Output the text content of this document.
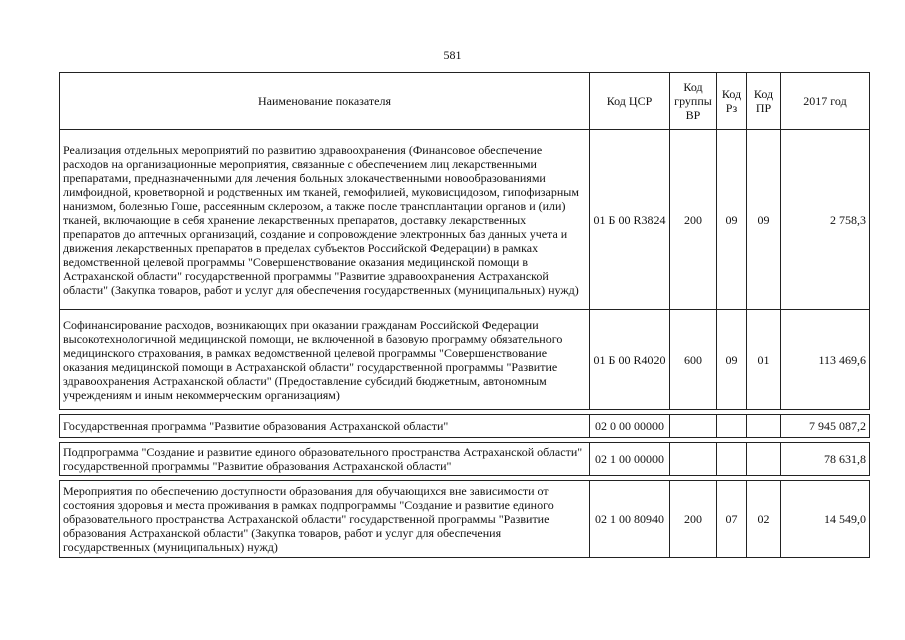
581
Наименование показателя	Код ЦСР	Код группы ВР	Код Рз	Код ПР	2017 год
Реализация отдельных мероприятий по развитию здравоохранения (Финансовое обеспечение расходов на организационные мероприятия, связанные с обеспечением лиц лекарственными препаратами, предназначенными для лечения больных злокачественными новообразованиями лимфоидной, кроветворной и родственных им тканей, гемофилией, муковисцидозом, гипофизарным нанизмом, болезнью Гоше, рассеянным склерозом, а также после трансплантации органов и (или) тканей, включающие в себя хранение лекарственных препаратов, доставку лекарственных препаратов до аптечных организаций, создание и сопровождение электронных баз данных учета и движения лекарственных препаратов в пределах субъектов Российской Федерации) в рамках ведомственной целевой программы "Совершенствование оказания медицинской помощи в Астраханской области" государственной программы "Развитие здравоохранения Астраханской области" (Закупка товаров, работ и услуг для обеспечения государственных (муниципальных) нужд)	01 Б 00 R3824	200	09	09	2 758,3
Софинансирование расходов, возникающих при оказании гражданам Российской Федерации высокотехнологичной медицинской помощи, не включенной в базовую программу обязательного медицинского страхования, в рамках ведомственной целевой программы "Совершенствование оказания медицинской помощи в Астраханской области" государственной программы "Развитие здравоохранения Астраханской области" (Предоставление субсидий бюджетным, автономным учреждениям и иным некоммерческим организациям)	01 Б 00 R4020	600	09	01	113 469,6

Государственная программа "Развитие образования Астраханской области"	02 0 00 00000				7 945 087,2

Подпрограмма "Создание и развитие единого образовательного пространства Астраханской области" государственной программы "Развитие образования Астраханской области"	02 1 00 00000				78 631,8

Мероприятия по обеспечению доступности образования для обучающихся вне зависимости от состояния здоровья и места проживания в рамках подпрограммы "Создание и развитие единого образовательного пространства Астраханской области" государственной программы "Развитие образования Астраханской области" (Закупка товаров, работ и услуг для обеспечения государственных (муниципальных) нужд)	02 1 00 80940	200	07	02	14 549,0
